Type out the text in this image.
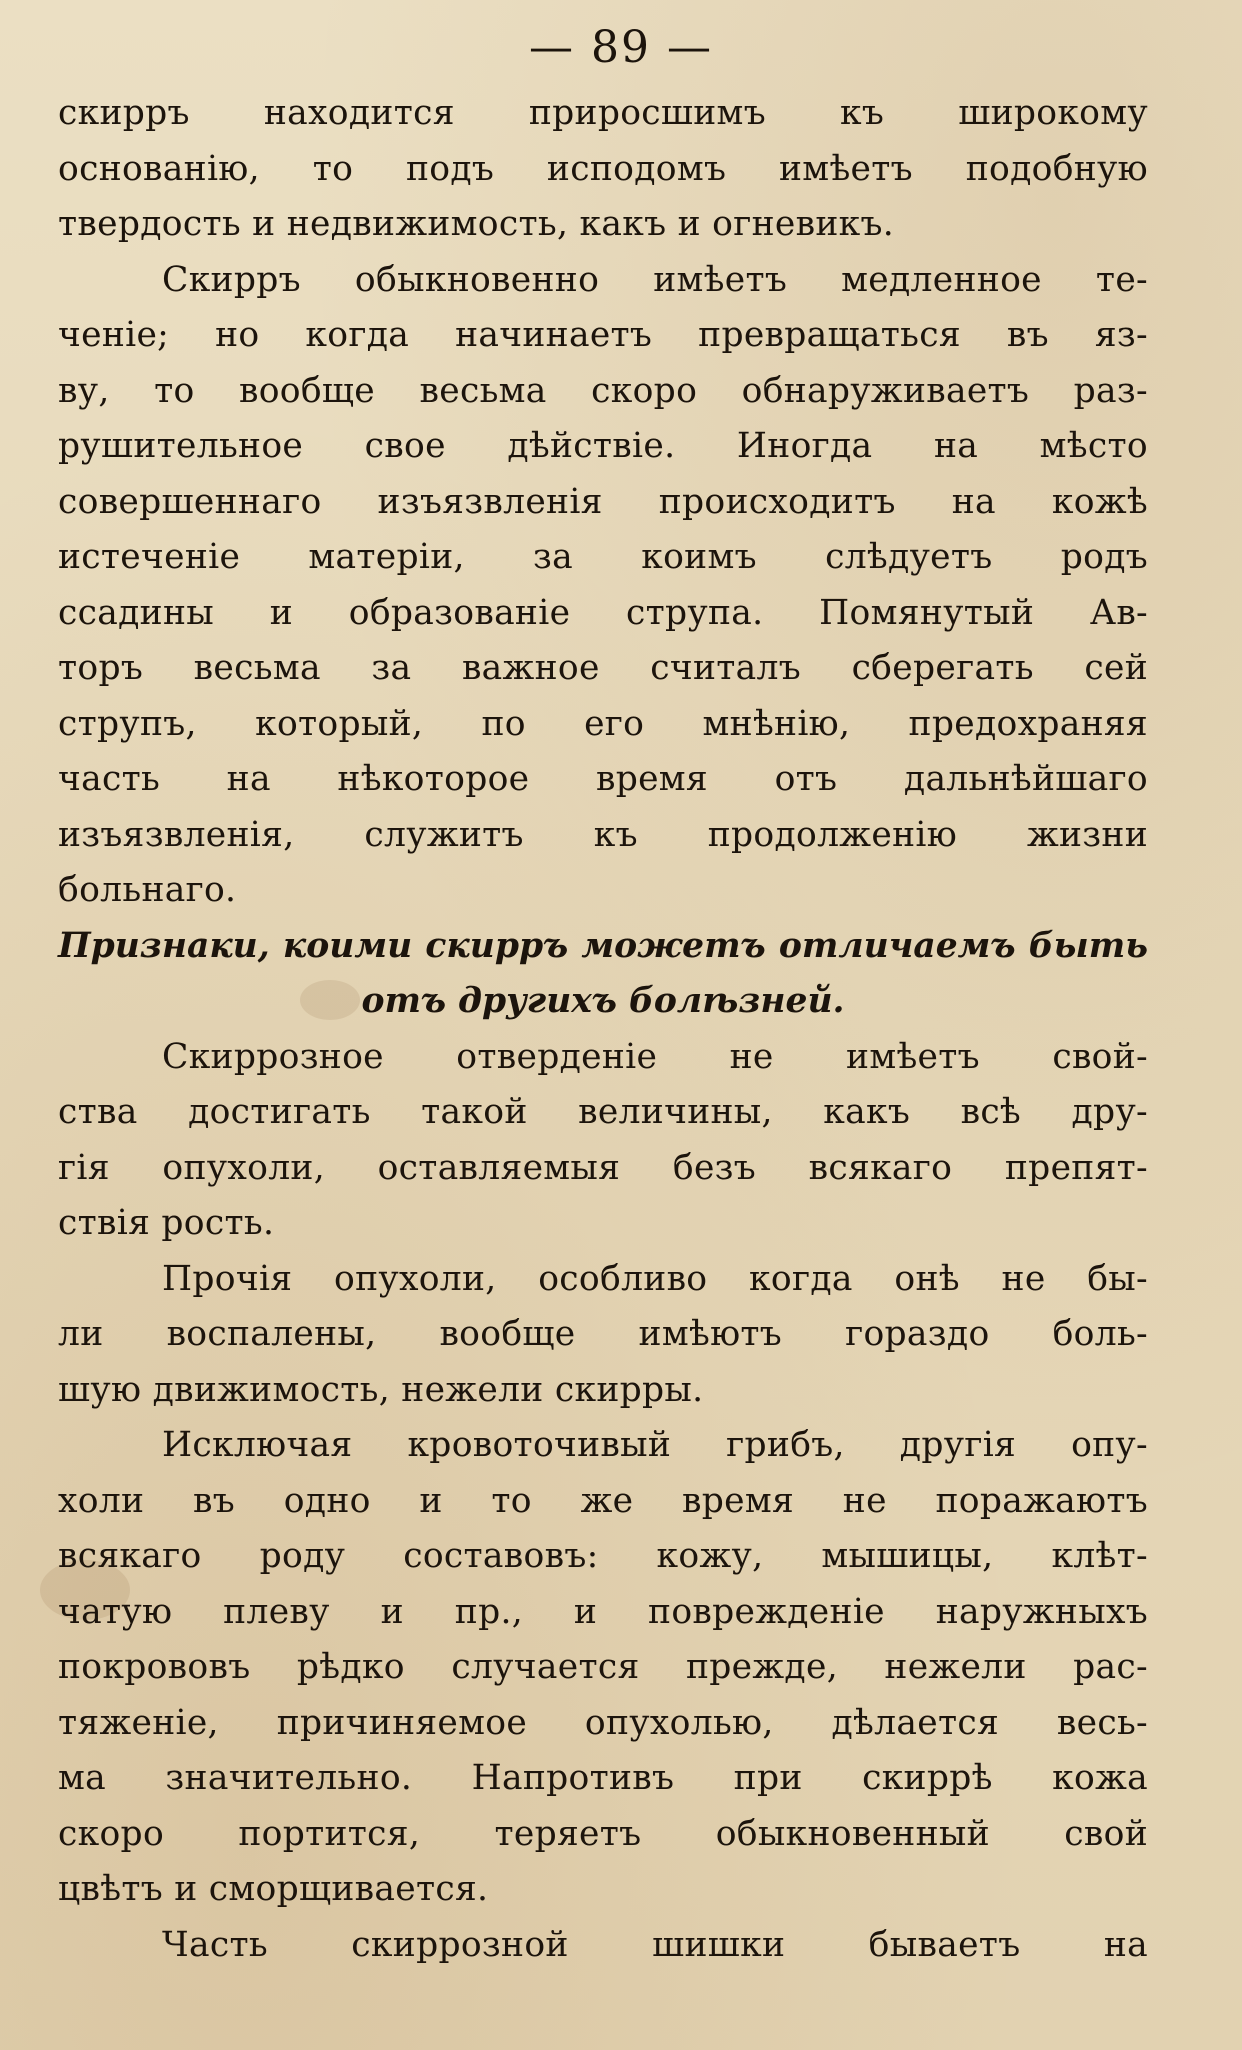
— 89 —
скирръ находится приросшимъ къ широкому
основанію, то подъ исподомъ имѣетъ подобную
твердость и недвижимость, какъ и огневикъ.
Скирръ обыкновенно имѣетъ медленное те-
ченіе; но когда начинаетъ превращаться въ яз-
ву, то вообще весьма скоро обнаруживаетъ раз-
рушительное свое дѣйствіе. Иногда на мѣсто
совершеннаго изъязвленія происходитъ на кожѣ
истеченіе матеріи, за коимъ слѣдуетъ родъ
ссадины и образованіе струпа. Помянутый Ав-
торъ весьма за важное считалъ сберегать сей
струпъ, который, по его мнѣнію, предохраняя
часть на нѣкоторое время отъ дальнѣйшаго
изъязвленія, служитъ къ продолженію жизни
больнаго.
Признаки, коими скирръ можетъ отличаемъ быть
отъ другихъ болѣзней.
Скиррозное отверденіе не имѣетъ свой-
ства достигать такой величины, какъ всѣ дру-
гія опухоли, оставляемыя безъ всякаго препят-
ствія рость.
Прочія опухоли, особливо когда онѣ не бы-
ли воспалены, вообще имѣютъ гораздо боль-
шую движимость, нежели скирры.
Исключая кровоточивый грибъ, другія опу-
холи въ одно и то же время не поражаютъ
всякаго роду составовъ: кожу, мышицы, клѣт-
чатую плеву и пр., и поврежденіе наружныхъ
покрововъ рѣдко случается прежде, нежели рас-
тяженіе, причиняемое опухолью, дѣлается весь-
ма значительно. Напротивъ при скиррѣ кожа
скоро портится, теряетъ обыкновенный свой
цвѣтъ и сморщивается.
Часть скиррозной шишки бываетъ на
